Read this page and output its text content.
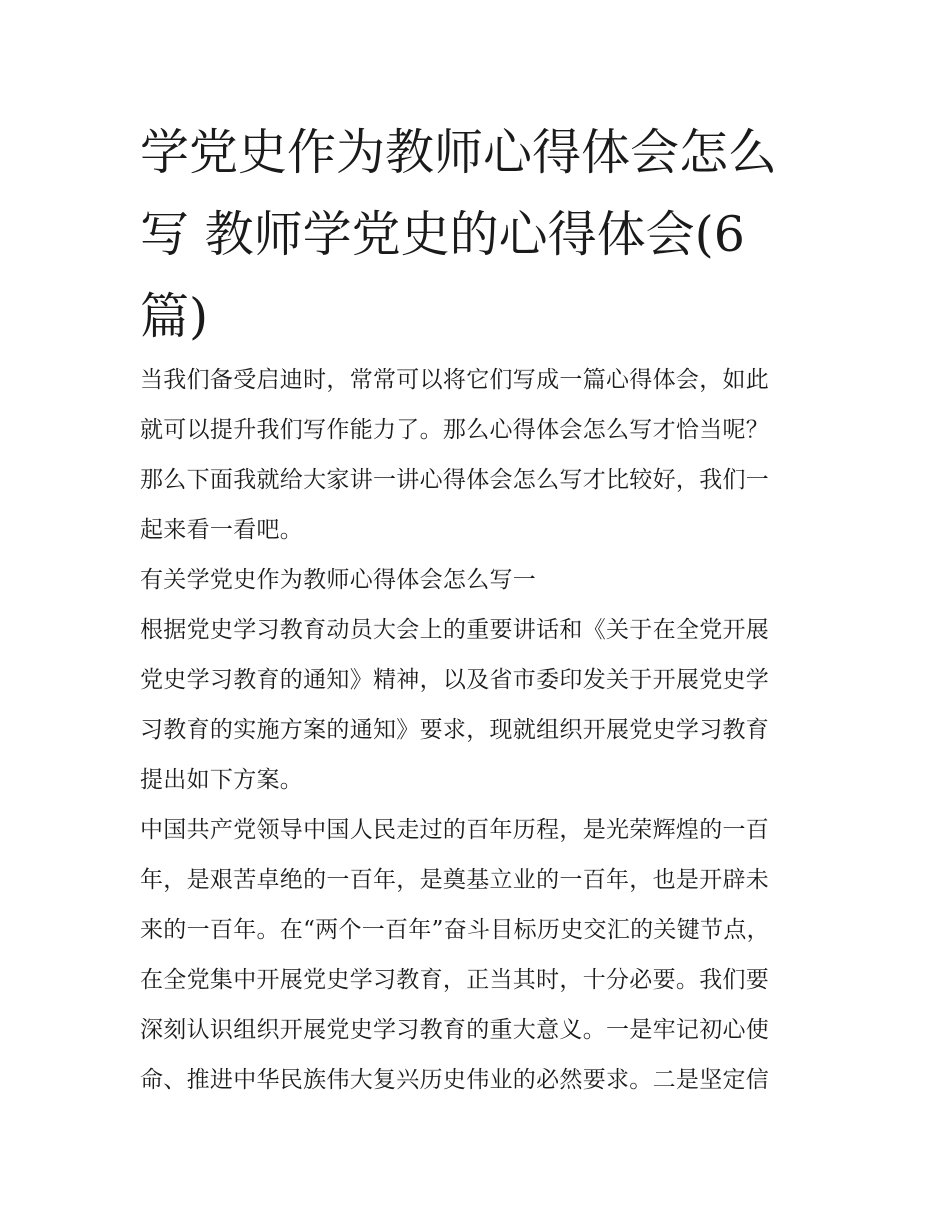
学党史作为教师心得体会怎么
写 教师学党史的心得体会(6
篇)

当我们备受启迪时，常常可以将它们写成一篇心得体会，如此
就可以提升我们写作能力了。那么心得体会怎么写才恰当呢？
那么下面我就给大家讲一讲心得体会怎么写才比较好，我们一
起来看一看吧。

有关学党史作为教师心得体会怎么写一

根据党史学习教育动员大会上的重要讲话和《关于在全党开展
党史学习教育的通知》精神，以及省市委印发关于开展党史学
习教育的实施方案的通知》要求，现就组织开展党史学习教育
提出如下方案。

中国共产党领导中国人民走过的百年历程，是光荣辉煌的一百
年，是艰苦卓绝的一百年，是奠基立业的一百年，也是开辟未
来的一百年。在“两个一百年”奋斗目标历史交汇的关键节点，
在全党集中开展党史学习教育，正当其时，十分必要。我们要
深刻认识组织开展党史学习教育的重大意义。一是牢记初心使
命、推进中华民族伟大复兴历史伟业的必然要求。二是坚定信
